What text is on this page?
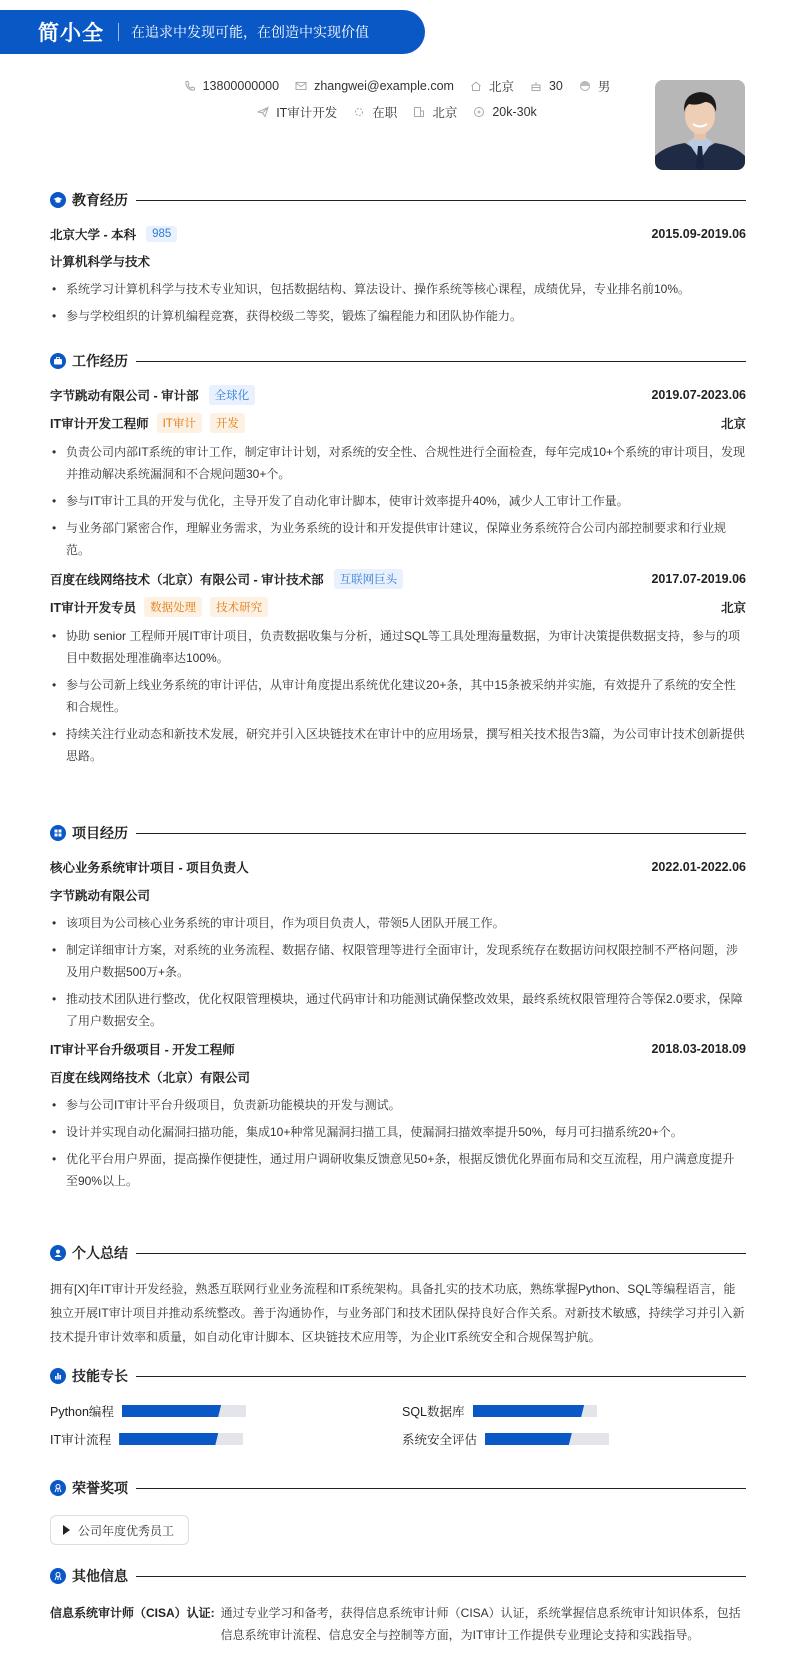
简小全 在追求中发现可能，在创造中实现价值
13800000000	zhangwei@example.com	北京	30	男
IT审计开发	在职	北京	20k-30k
教育经历
北京大学 - 本科	985	2015.09-2019.06
计算机科学与技术
• 系统学习计算机科学与技术专业知识，包括数据结构、算法设计、操作系统等核心课程，成绩优异，专业排名前10%。
• 参与学校组织的计算机编程竞赛，获得校级二等奖，锻炼了编程能力和团队协作能力。
工作经历
字节跳动有限公司 - 审计部	全球化	2019.07-2023.06
IT审计开发工程师	IT审计	开发	北京
• 负责公司内部IT系统的审计工作，制定审计计划，对系统的安全性、合规性进行全面检查，每年完成10+个系统的审计项目，发现并推动解决系统漏洞和不合规问题30+个。
• 参与IT审计工具的开发与优化，主导开发了自动化审计脚本，使审计效率提升40%，减少人工审计工作量。
• 与业务部门紧密合作，理解业务需求，为业务系统的设计和开发提供审计建议，保障业务系统符合公司内部控制要求和行业规范。
百度在线网络技术（北京）有限公司 - 审计技术部	互联网巨头	2017.07-2019.06
IT审计开发专员	数据处理	技术研究	北京
• 协助 senior 工程师开展IT审计项目，负责数据收集与分析，通过SQL等工具处理海量数据，为审计决策提供数据支持，参与的项目中数据处理准确率达100%。
• 参与公司新上线业务系统的审计评估，从审计角度提出系统优化建议20+条，其中15条被采纳并实施，有效提升了系统的安全性和合规性。
• 持续关注行业动态和新技术发展，研究并引入区块链技术在审计中的应用场景，撰写相关技术报告3篇，为公司审计技术创新提供思路。
项目经历
核心业务系统审计项目 - 项目负责人	2022.01-2022.06
字节跳动有限公司
• 该项目为公司核心业务系统的审计项目，作为项目负责人，带领5人团队开展工作。
• 制定详细审计方案，对系统的业务流程、数据存储、权限管理等进行全面审计，发现系统存在数据访问权限控制不严格问题，涉及用户数据500万+条。
• 推动技术团队进行整改，优化权限管理模块，通过代码审计和功能测试确保整改效果，最终系统权限管理符合等保2.0要求，保障了用户数据安全。
IT审计平台升级项目 - 开发工程师	2018.03-2018.09
百度在线网络技术（北京）有限公司
• 参与公司IT审计平台升级项目，负责新功能模块的开发与测试。
• 设计并实现自动化漏洞扫描功能，集成10+种常见漏洞扫描工具，使漏洞扫描效率提升50%，每月可扫描系统20+个。
• 优化平台用户界面，提高操作便捷性，通过用户调研收集反馈意见50+条，根据反馈优化界面布局和交互流程，用户满意度提升至90%以上。
个人总结

拥有[X]年IT审计开发经验，熟悉互联网行业业务流程和IT系统架构。具备扎实的技术功底，熟练掌握Python、SQL等编程语言，能独立开展IT审计项目并推动系统整改。善于沟通协作，与业务部门和技术团队保持良好合作关系。对新技术敏感，持续学习并引入新技术提升审计效率和质量，如自动化审计脚本、区块链技术应用等，为企业IT系统安全和合规保驾护航。

技能专长
Python编程	SQL数据库
IT审计流程	系统安全评估
荣誉奖项
公司年度优秀员工
其他信息
信息系统审计师（CISA）认证: 通过专业学习和备考，获得信息系统审计师（CISA）认证，系统掌握信息系统审计知识体系，包括信息系统审计流程、信息安全与控制等方面，为IT审计工作提供专业理论支持和实践指导。
